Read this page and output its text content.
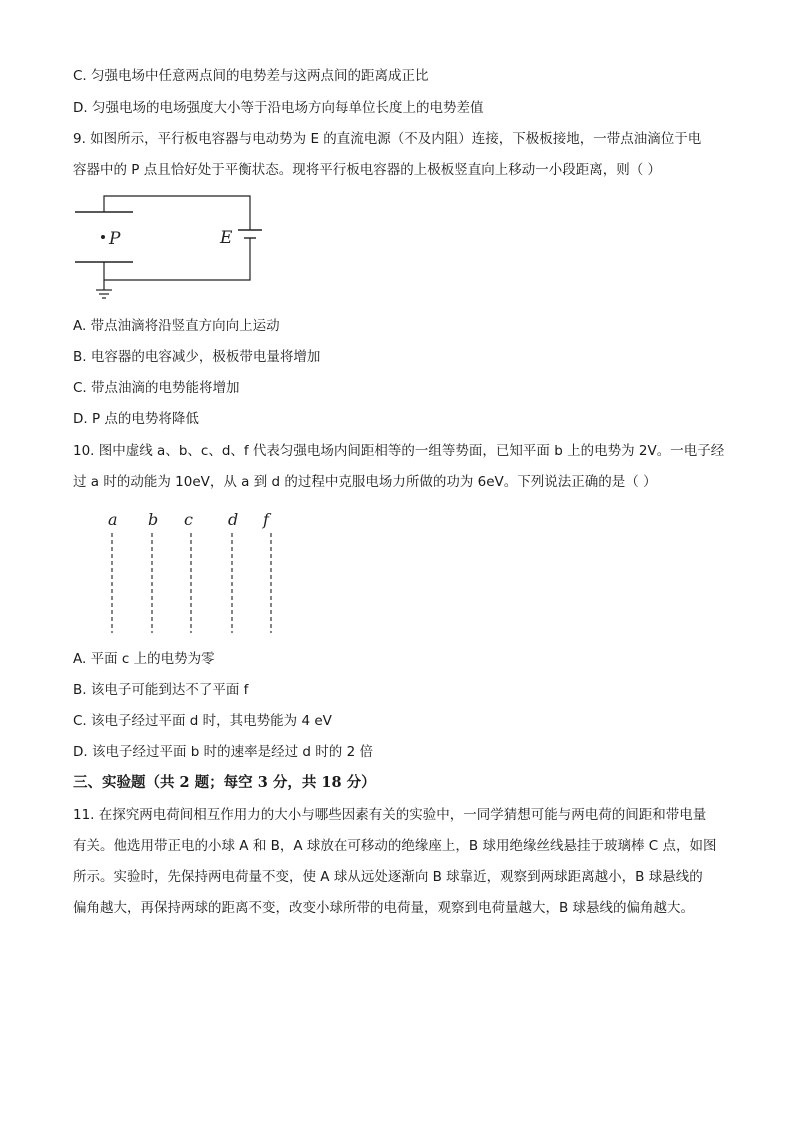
C. 匀强电场中任意两点间的电势差与这两点间的距离成正比
D. 匀强电场的电场强度大小等于沿电场方向每单位长度上的电势差值
9. 如图所示，平行板电容器与电动势为 E 的直流电源（不及内阻）连接，下极板接地，一带点油滴位于电
容器中的 P 点且恰好处于平衡状态。现将平行板电容器的上极板竖直向上移动一小段距离，则（ ）
P	E
A. 带点油滴将沿竖直方向向上运动
B. 电容器的电容减少，极板带电量将增加
C. 带点油滴的电势能将增加
D. P 点的电势将降低
10. 图中虚线 a、b、c、d、f 代表匀强电场内间距相等的一组等势面，已知平面 b 上的电势为 2V。一电子经
过 a 时的动能为 10eV，从 a 到 d 的过程中克服电场力所做的功为 6eV。下列说法正确的是（ ）
a b c d f
A. 平面 c 上的电势为零
B. 该电子可能到达不了平面 f
C. 该电子经过平面 d 时，其电势能为 4 eV
D. 该电子经过平面 b 时的速率是经过 d 时的 2 倍
三、实验题（共 2 题；每空 3 分，共 18 分）
11. 在探究两电荷间相互作用力的大小与哪些因素有关的实验中，一同学猜想可能与两电荷的间距和带电量
有关。他选用带正电的小球 A 和 B，A 球放在可移动的绝缘座上，B 球用绝缘丝线悬挂于玻璃棒 C 点，如图
所示。实验时，先保持两电荷量不变，使 A 球从远处逐渐向 B 球靠近，观察到两球距离越小，B 球悬线的
偏角越大，再保持两球的距离不变，改变小球所带的电荷量，观察到电荷量越大，B 球悬线的偏角越大。
